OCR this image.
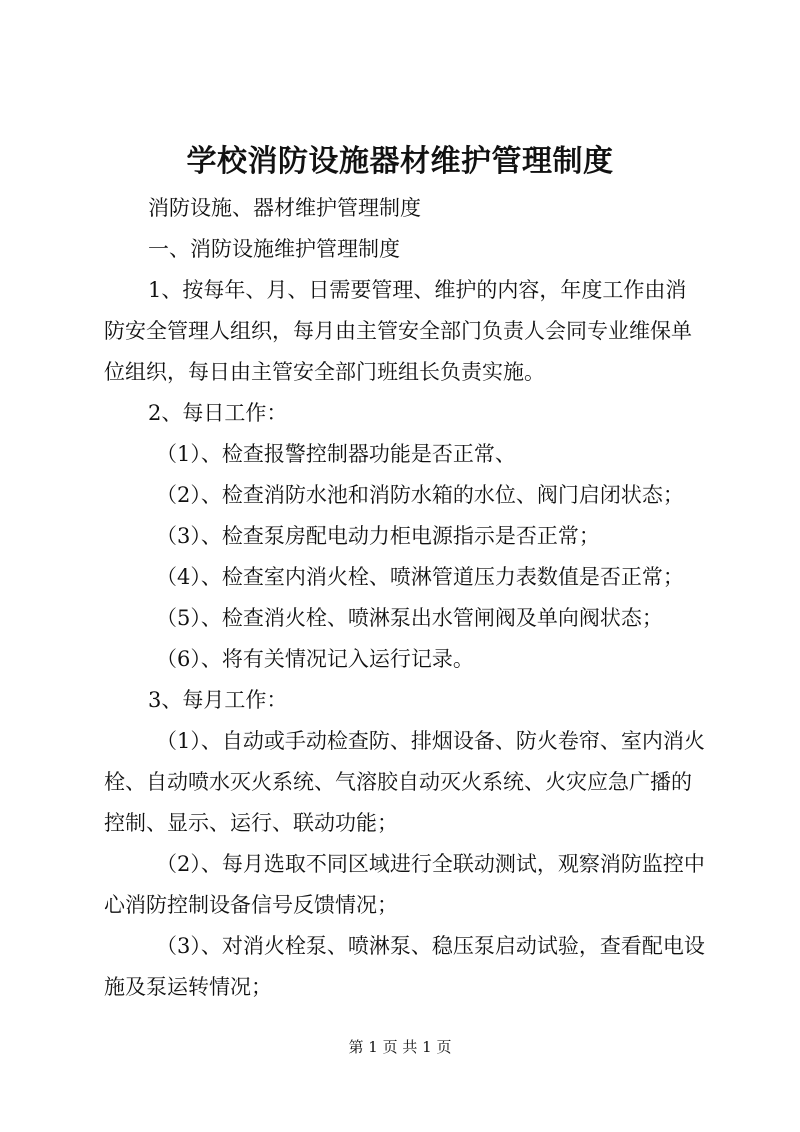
学校消防设施器材维护管理制度

消防设施、器材维护管理制度

一、消防设施维护管理制度

1、按每年、月、日需要管理、维护的内容，年度工作由消

防安全管理人组织，每月由主管安全部门负责人会同专业维保单

位组织，每日由主管安全部门班组长负责实施。

2、每日工作：

（1）、检查报警控制器功能是否正常、

（2）、检查消防水池和消防水箱的水位、阀门启闭状态；

（3）、检查泵房配电动力柜电源指示是否正常；

（4）、检查室内消火栓、喷淋管道压力表数值是否正常；

（5）、检查消火栓、喷淋泵出水管闸阀及单向阀状态；

（6）、将有关情况记入运行记录。

3、每月工作：

（1）、自动或手动检查防、排烟设备、防火卷帘、室内消火

栓、自动喷水灭火系统、气溶胶自动灭火系统、火灾应急广播的

控制、显示、运行、联动功能；

（2）、每月选取不同区域进行全联动测试，观察消防监控中

心消防控制设备信号反馈情况；

（3）、对消火栓泵、喷淋泵、稳压泵启动试验，查看配电设

施及泵运转情况；

第 1 页 共 1 页
